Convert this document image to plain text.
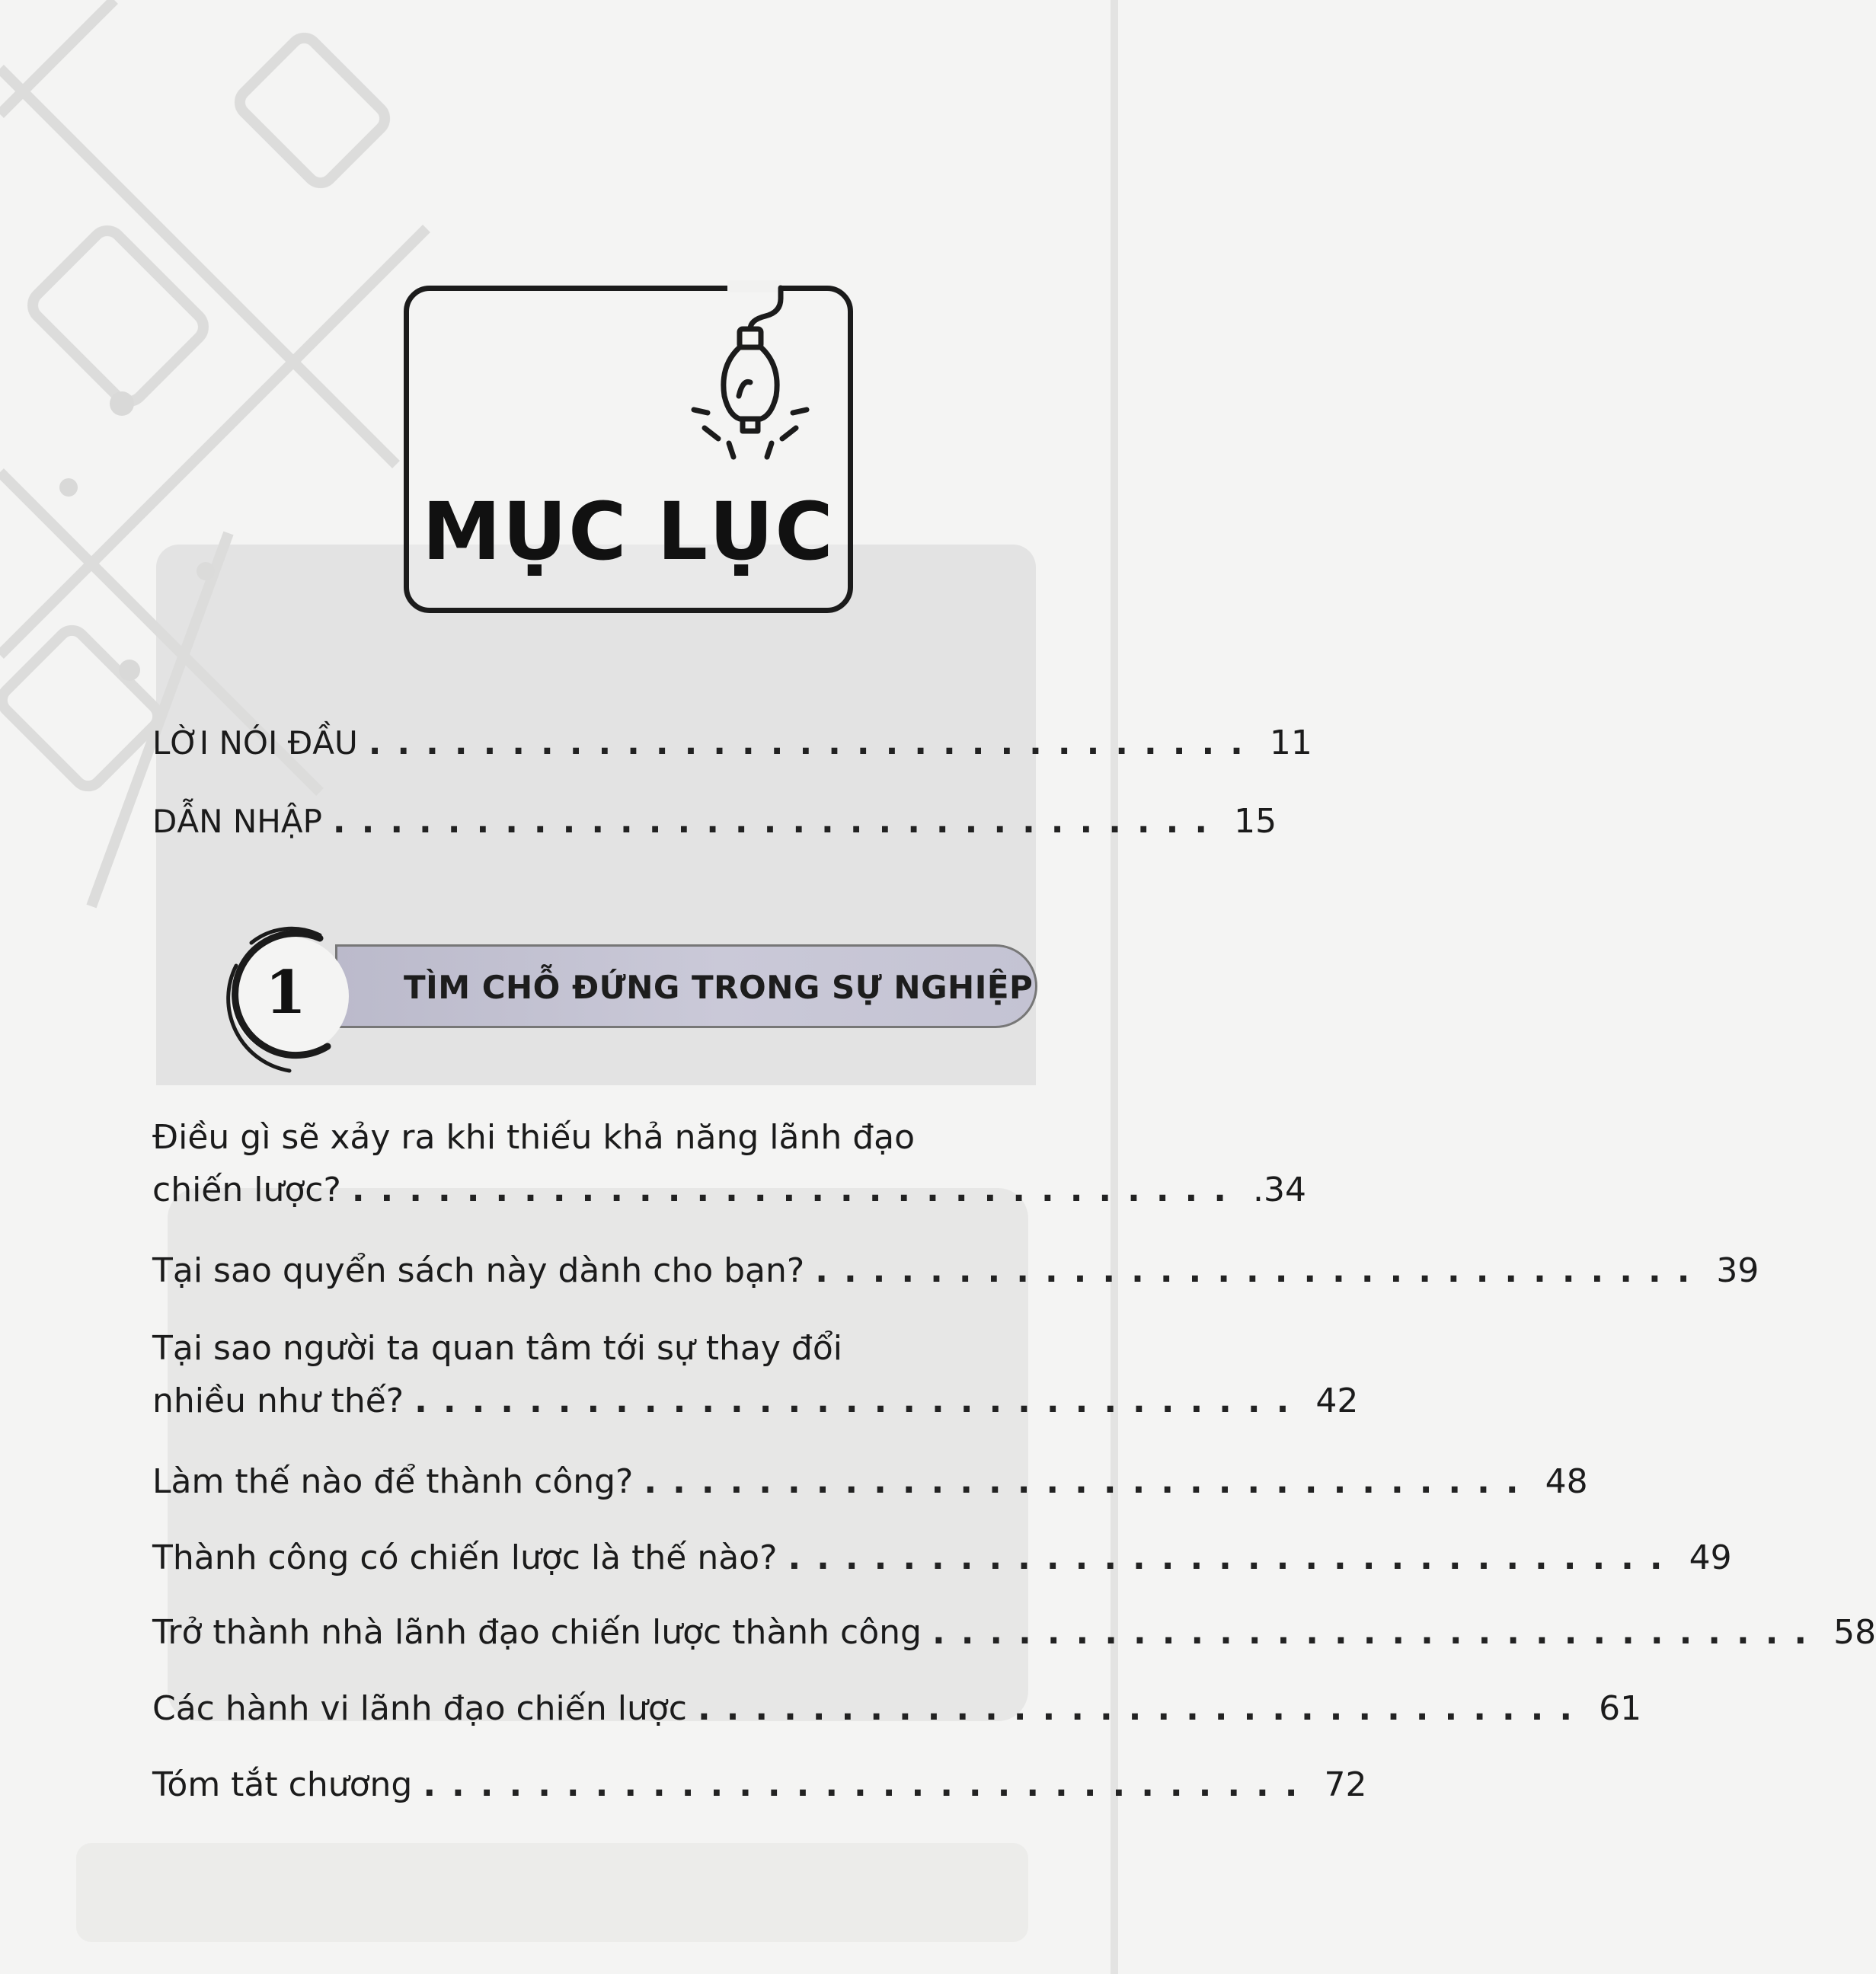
MỤC LỤC
LỜI NÓI ĐẦU ............................... 11
DẪN NHẬP ............................... 15
TÌM CHỖ ĐỨNG TRONG SỰ NGHIỆP
1
Điều gì sẽ xảy ra khi thiếu khả năng lãnh đạo
chiến lược? ............................... .34
Tại sao quyển sách này dành cho bạn? ............................... 39
Tại sao người ta quan tâm tới sự thay đổi
nhiều như thế? ............................... 42
Làm thế nào để thành công? ............................... 48
Thành công có chiến lược là thế nào? ............................... 49
Trở thành nhà lãnh đạo chiến lược thành công ............................... 58
Các hành vi lãnh đạo chiến lược ............................... 61
Tóm tắt chương ............................... 72
